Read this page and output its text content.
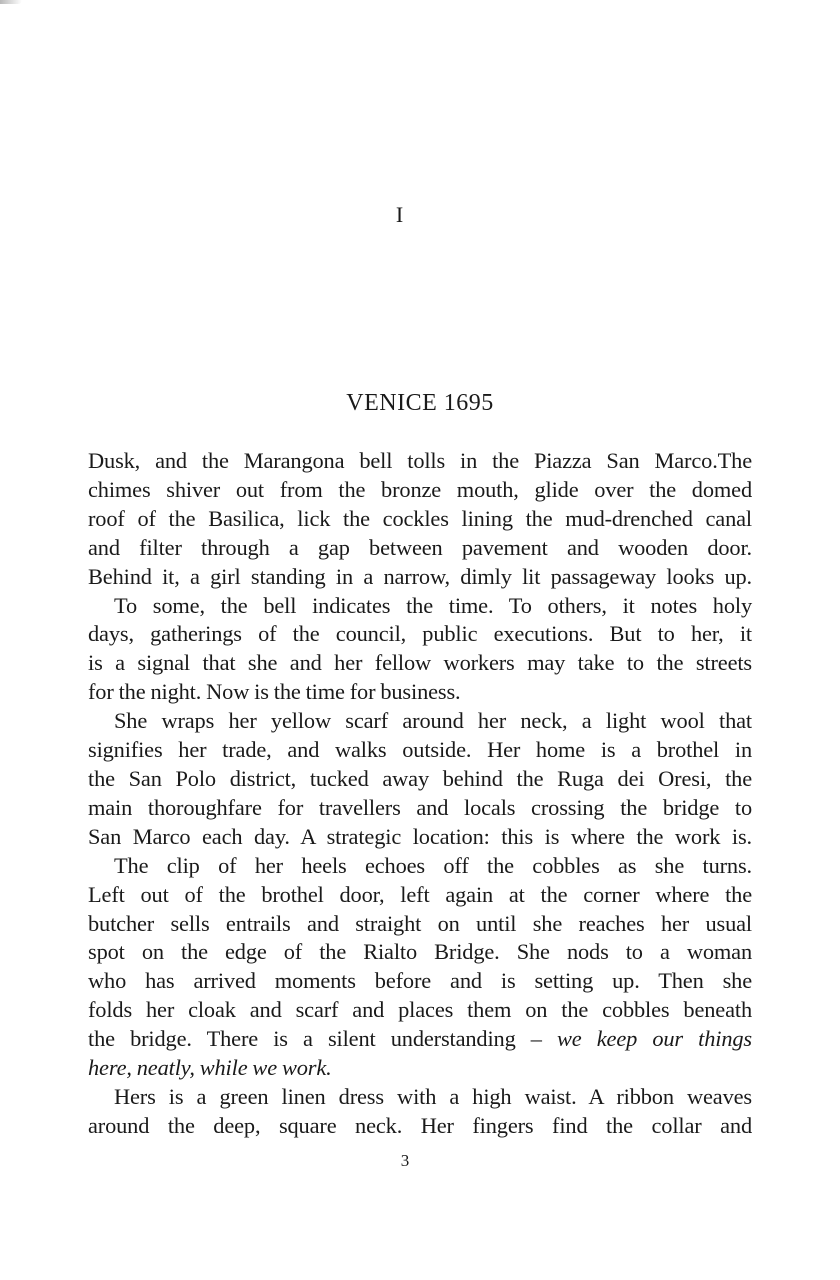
I
VENICE 1695

Dusk, and the Marangona bell tolls in the Piazza San Marco.The
chimes shiver out from the bronze mouth, glide over the domed
roof of the Basilica, lick the cockles lining the mud-drenched canal
and filter through a gap between pavement and wooden door.
Behind it, a girl standing in a narrow, dimly lit passageway looks up.

To some, the bell indicates the time. To others, it notes holy
days, gatherings of the council, public executions. But to her, it
is a signal that she and her fellow workers may take to the streets
for the night. Now is the time for business.

She wraps her yellow scarf around her neck, a light wool that
signifies her trade, and walks outside. Her home is a brothel in
the San Polo district, tucked away behind the Ruga dei Oresi, the
main thoroughfare for travellers and locals crossing the bridge to
San Marco each day. A strategic location: this is where the work is.

The clip of her heels echoes off the cobbles as she turns.
Left out of the brothel door, left again at the corner where the
butcher sells entrails and straight on until she reaches her usual
spot on the edge of the Rialto Bridge. She nods to a woman
who has arrived moments before and is setting up. Then she
folds her cloak and scarf and places them on the cobbles beneath
the bridge. There is a silent understanding – we keep our things
here, neatly, while we work.

Hers is a green linen dress with a high waist. A ribbon weaves
around the deep, square neck. Her fingers find the collar and

3
